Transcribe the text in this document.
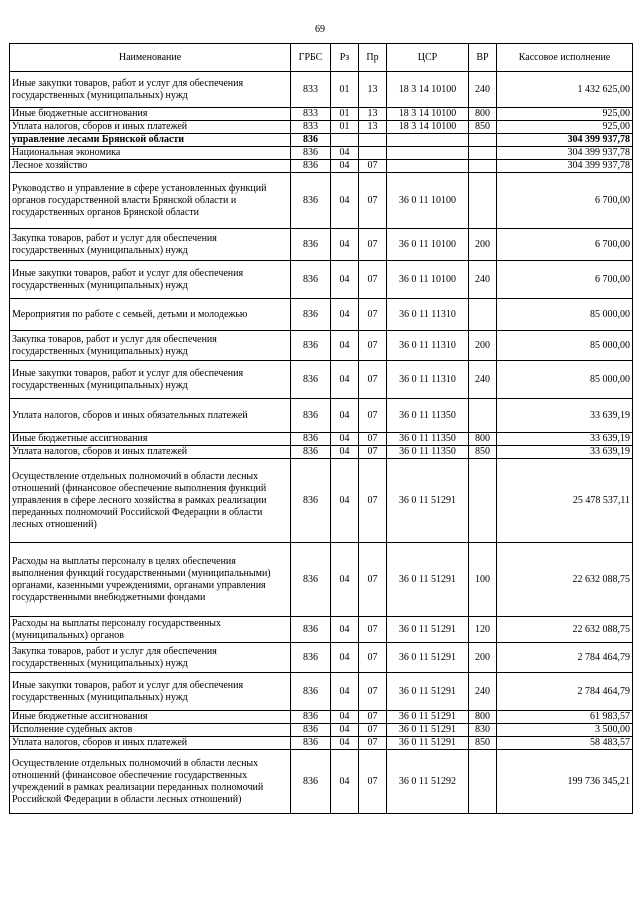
69
Наименование	ГРБС	Рз	Пр	ЦСР	ВР	Кассовое исполнение
Иные закупки товаров, работ и услуг для обеспечения государственных (муниципальных) нужд	833	01	13	18 3 14 10100	240	1 432 625,00
Иные бюджетные ассигнования	833	01	13	18 3 14 10100	800	925,00
Уплата налогов, сборов и иных платежей	833	01	13	18 3 14 10100	850	925,00
управление лесами Брянской области	836					304 399 937,78
Национальная экономика	836	04				304 399 937,78
Лесное хозяйство	836	04	07			304 399 937,78
Руководство и управление в сфере установленных функций органов государственной власти Брянской области и государственных органов Брянской области	836	04	07	36 0 11 10100		6 700,00
Закупка товаров, работ и услуг для обеспечения государственных (муниципальных) нужд	836	04	07	36 0 11 10100	200	6 700,00
Иные закупки товаров, работ и услуг для обеспечения государственных (муниципальных) нужд	836	04	07	36 0 11 10100	240	6 700,00
Мероприятия по работе с семьей, детьми и молодежью	836	04	07	36 0 11 11310		85 000,00
Закупка товаров, работ и услуг для обеспечения государственных (муниципальных) нужд	836	04	07	36 0 11 11310	200	85 000,00
Иные закупки товаров, работ и услуг для обеспечения государственных (муниципальных) нужд	836	04	07	36 0 11 11310	240	85 000,00
Уплата налогов, сборов и иных обязательных платежей	836	04	07	36 0 11 11350		33 639,19
Иные бюджетные ассигнования	836	04	07	36 0 11 11350	800	33 639,19
Уплата налогов, сборов и иных платежей	836	04	07	36 0 11 11350	850	33 639,19
Осуществление отдельных полномочий в области лесных отношений (финансовое обеспечение выполнения функций управления в сфере лесного хозяйства в рамках реализации переданных полномочий Российской Федерации в области лесных отношений)	836	04	07	36 0 11 51291		25 478 537,11
Расходы на выплаты персоналу в целях обеспечения выполнения функций государственными (муниципальными) органами, казенными учреждениями, органами управления государственными внебюджетными фондами	836	04	07	36 0 11 51291	100	22 632 088,75
Расходы на выплаты персоналу государственных (муниципальных) органов	836	04	07	36 0 11 51291	120	22 632 088,75
Закупка товаров, работ и услуг для обеспечения государственных (муниципальных) нужд	836	04	07	36 0 11 51291	200	2 784 464,79
Иные закупки товаров, работ и услуг для обеспечения государственных (муниципальных) нужд	836	04	07	36 0 11 51291	240	2 784 464,79
Иные бюджетные ассигнования	836	04	07	36 0 11 51291	800	61 983,57
Исполнение судебных актов	836	04	07	36 0 11 51291	830	3 500,00
Уплата налогов, сборов и иных платежей	836	04	07	36 0 11 51291	850	58 483,57
Осуществление отдельных полномочий в области лесных отношений (финансовое обеспечение государственных учреждений в рамках реализации переданных полномочий Российской Федерации в области лесных отношений)	836	04	07	36 0 11 51292		199 736 345,21
